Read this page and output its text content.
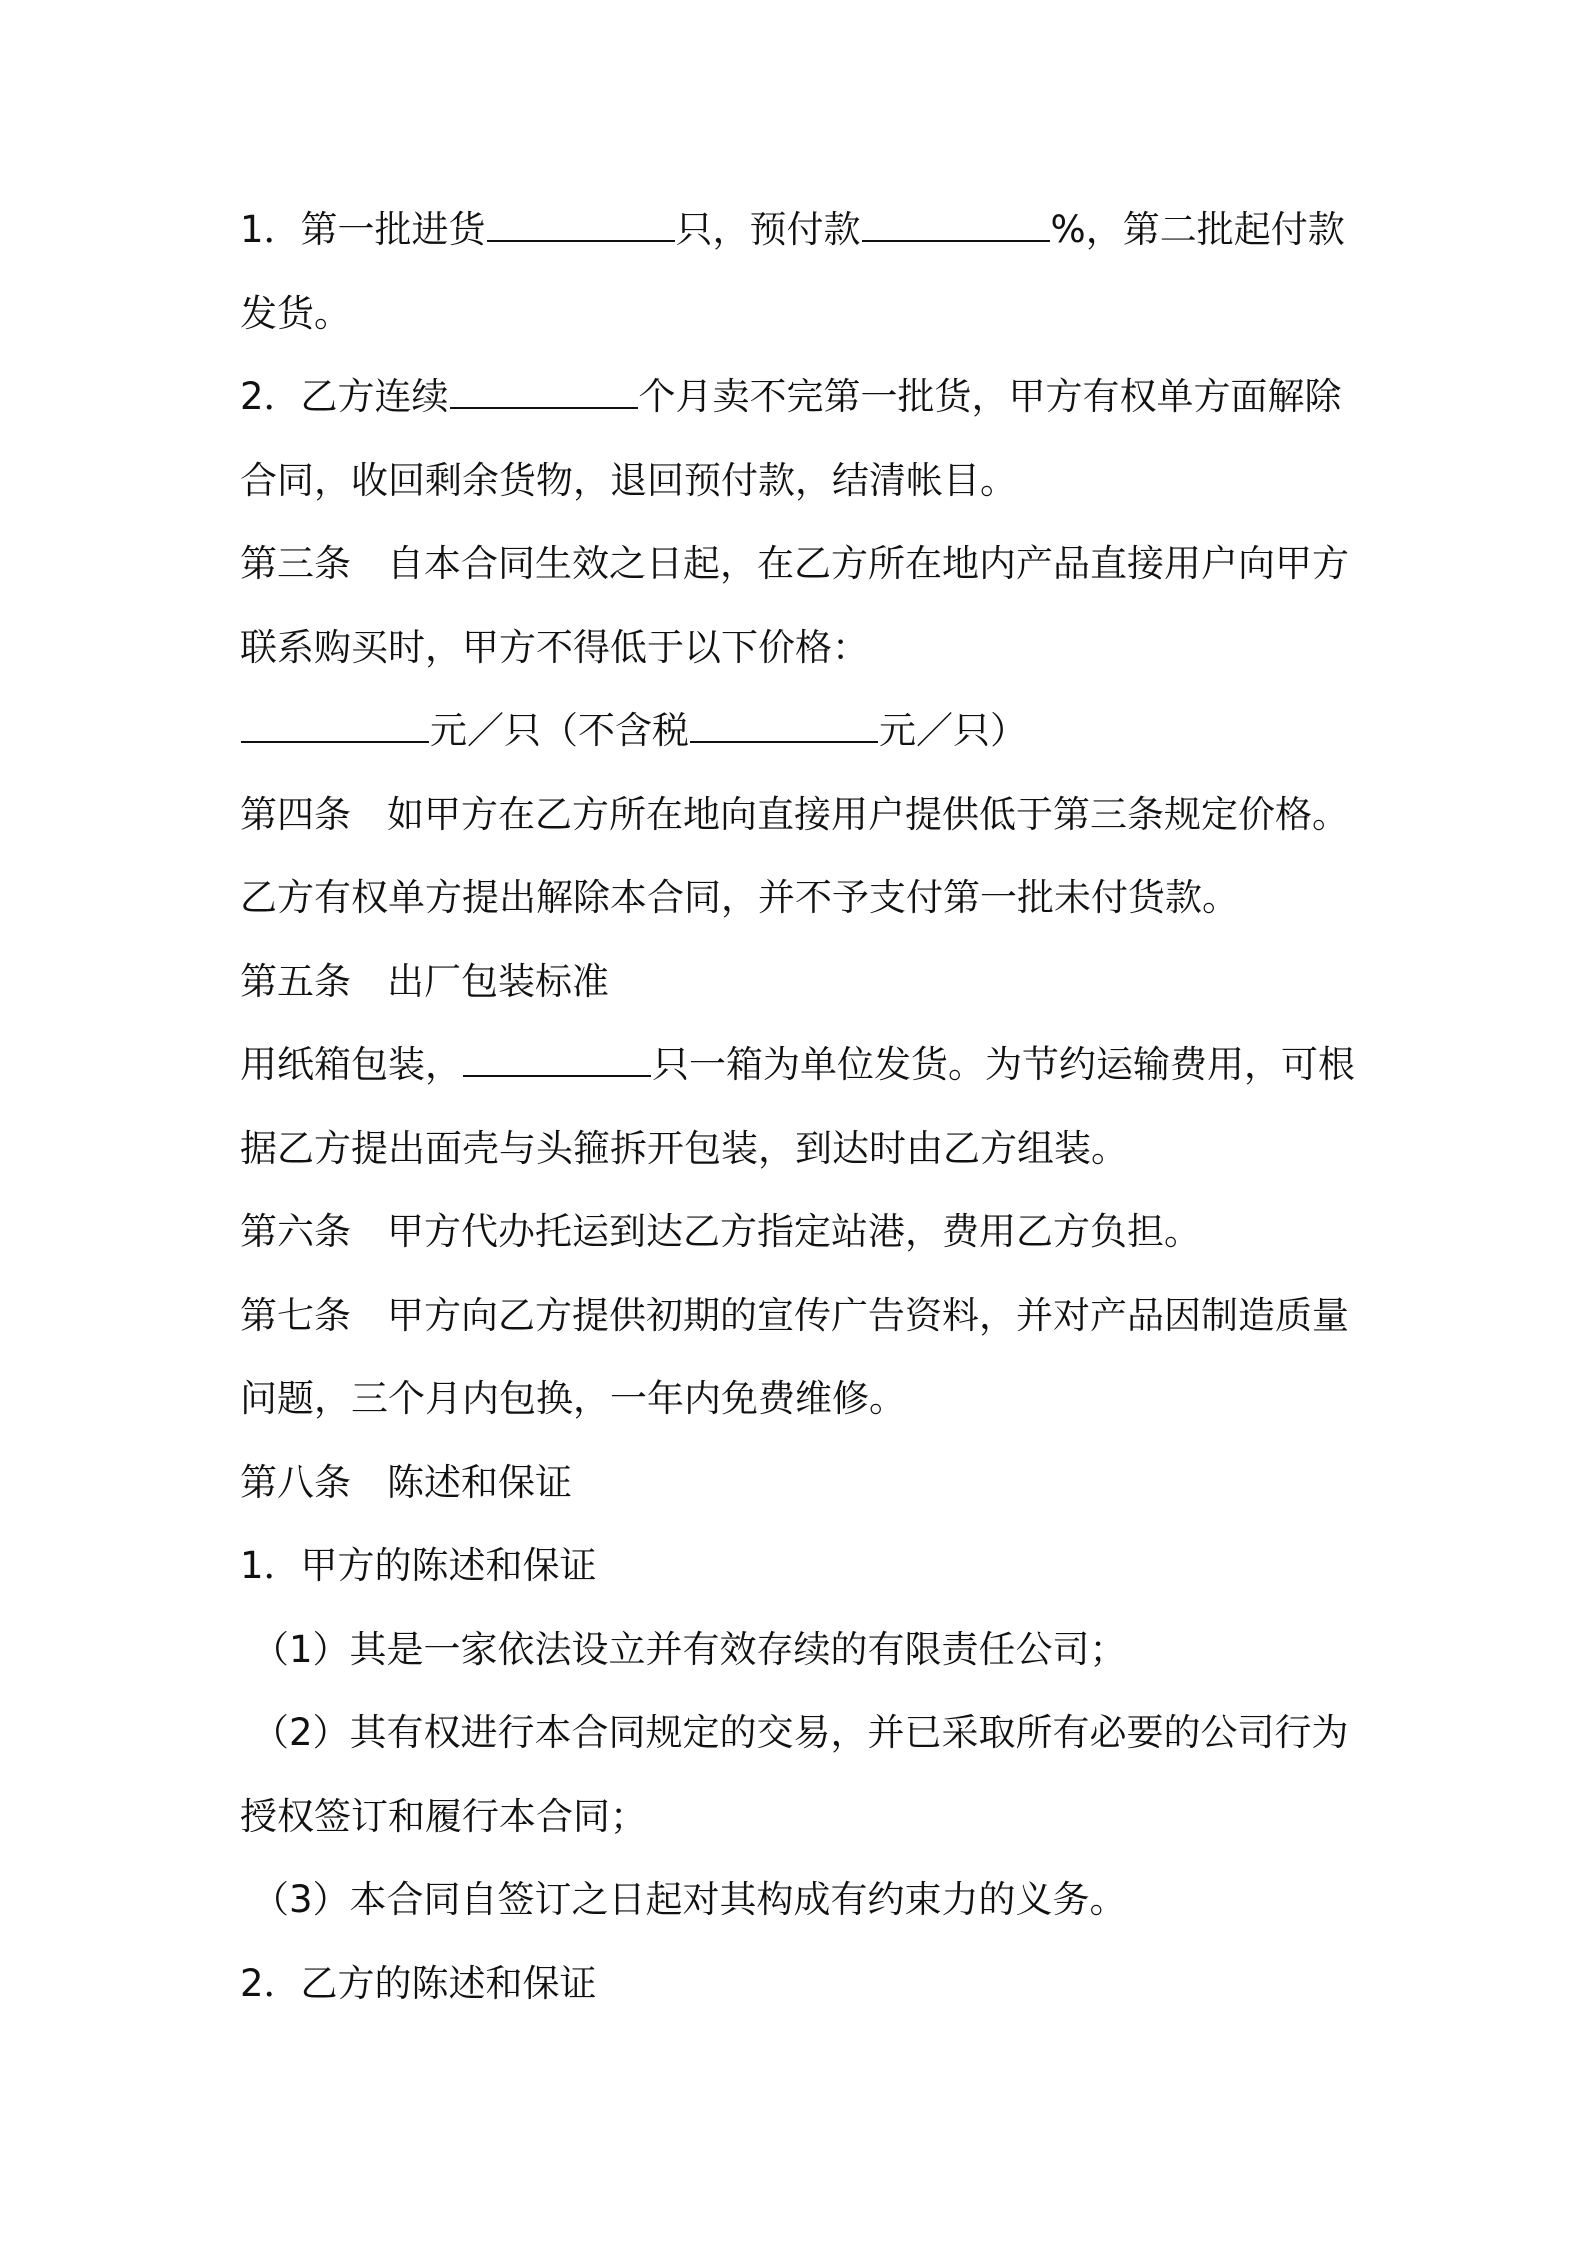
1．第一批进货	只，预付款	%，第二批起付款
发货。
2．乙方连续	个月卖不完第一批货，甲方有权单方面解除
合同，收回剩余货物，退回预付款，结清帐目。
第三条 自本合同生效之日起，在乙方所在地内产品直接用户向甲方
联系购买时，甲方不得低于以下价格：
元／只（不含税	元／只）
第四条 如甲方在乙方所在地向直接用户提供低于第三条规定价格。
乙方有权单方提出解除本合同，并不予支付第一批未付货款。
第五条 出厂包装标准
用纸箱包装，	只一箱为单位发货。为节约运输费用，可根
据乙方提出面壳与头箍拆开包装，到达时由乙方组装。
第六条 甲方代办托运到达乙方指定站港，费用乙方负担。
第七条 甲方向乙方提供初期的宣传广告资料，并对产品因制造质量
问题，三个月内包换，一年内免费维修。
第八条 陈述和保证
1．甲方的陈述和保证
（1）其是一家依法设立并有效存续的有限责任公司；
（2）其有权进行本合同规定的交易，并已采取所有必要的公司行为
授权签订和履行本合同；
（3）本合同自签订之日起对其构成有约束力的义务。
2．乙方的陈述和保证
